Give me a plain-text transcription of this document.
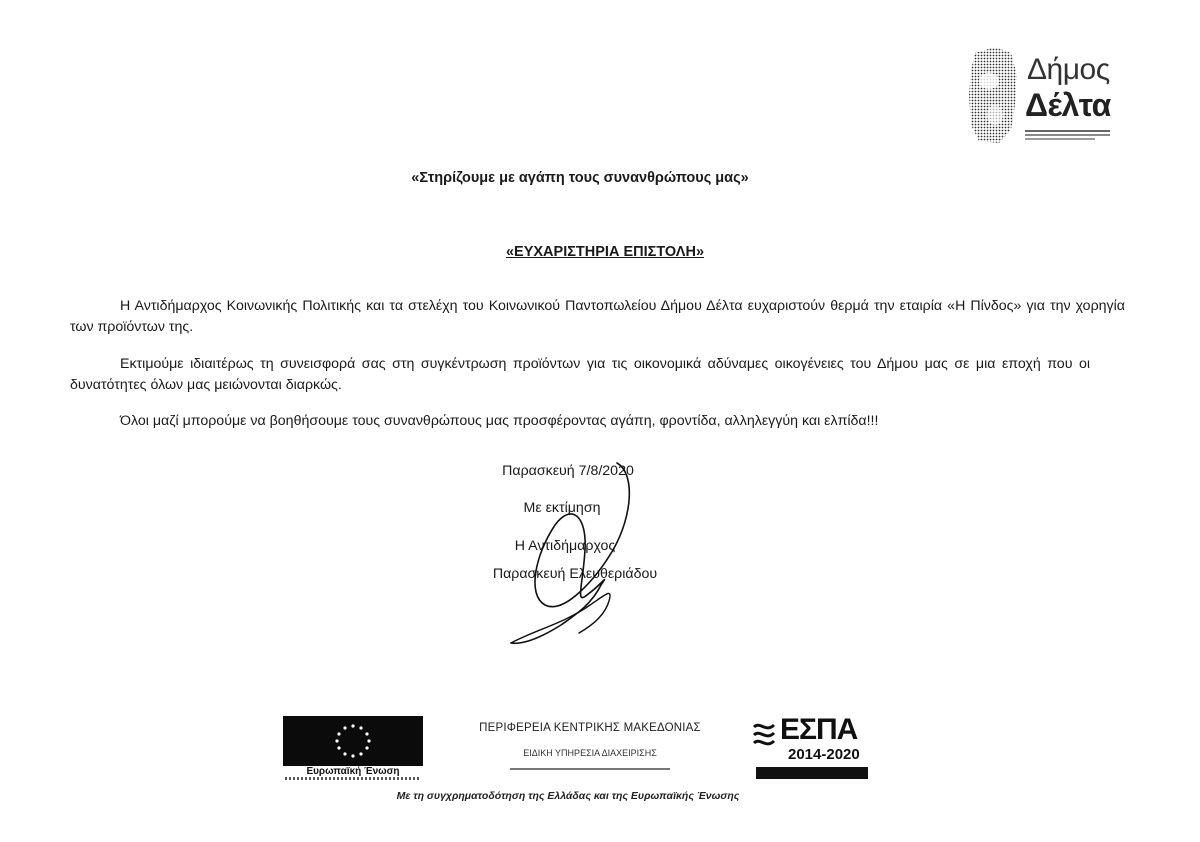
Δήμος
Δέλτα
«Στηρίζουμε με αγάπη τους συνανθρώπους μας»
«ΕΥΧΑΡΙΣΤΗΡΙΑ ΕΠΙΣΤΟΛΗ»
Η Αντιδήμαρχος Κοινωνικής Πολιτικής και τα στελέχη του Κοινωνικού Παντοπωλείου Δήμου Δέλτα ευχαριστούν θερμά την εταιρία «Η Πίνδος» για την χορηγία των προϊόντων της.
Εκτιμούμε ιδιαιτέρως τη συνεισφορά σας στη συγκέντρωση προϊόντων για τις οικονομικά αδύναμες οικογένειες του Δήμου μας σε μια εποχή που οι δυνατότητες όλων μας μειώνονται διαρκώς.
Όλοι μαζί μπορούμε να βοηθήσουμε τους συνανθρώπους μας προσφέροντας αγάπη, φροντίδα, αλληλεγγύη και ελπίδα!!!
Παρασκευή 7/8/2020
Με εκτίμηση
Η Αντιδήμαρχος
Παρασκευή Ελευθεριάδου
Ευρωπαϊκή Ένωση
ΠΕΡΙΦΕΡΕΙΑ ΚΕΝΤΡΙΚΗΣ ΜΑΚΕΔΟΝΙΑΣ
ΕΙΔΙΚΗ ΥΠΗΡΕΣΙΑ ΔΙΑΧΕΙΡΙΣΗΣ
ΕΣΠΑ
2014-2020
Με τη συγχρηματοδότηση της Ελλάδας και της Ευρωπαϊκής Ένωσης
